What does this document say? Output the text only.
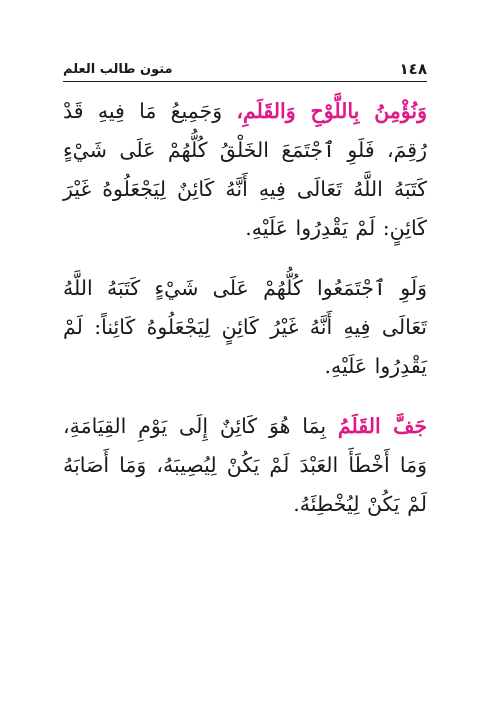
١٤٨
متون طالب العلم

وَنُؤْمِنُ بِاللَّوْحِ وَالقَلَمِ، وَجَمِيعُ مَا فِيهِ قَدْ رُقِمَ، فَلَوِ ٱجْتَمَعَ الخَلْقُ كُلُّهُمْ عَلَى شَيْءٍ كَتَبَهُ اللَّهُ تَعَالَى فِيهِ أَنَّهُ كَائِنٌ لِيَجْعَلُوهُ غَيْرَ كَائِنٍ: لَمْ يَقْدِرُوا عَلَيْهِ.

وَلَوِ ٱجْتَمَعُوا كُلُّهُمْ عَلَى شَيْءٍ كَتَبَهُ اللَّهُ تَعَالَى فِيهِ أَنَّهُ غَيْرُ كَائِنٍ لِيَجْعَلُوهُ كَائِناً: لَمْ يَقْدِرُوا عَلَيْهِ.

جَفَّ القَلَمُ بِمَا هُوَ كَائِنٌ إِلَى يَوْمِ القِيَامَةِ، وَمَا أَخْطَأَ العَبْدَ لَمْ يَكُنْ لِيُصِيبَهُ، وَمَا أَصَابَهُ لَمْ يَكُنْ لِيُخْطِئَهُ.
